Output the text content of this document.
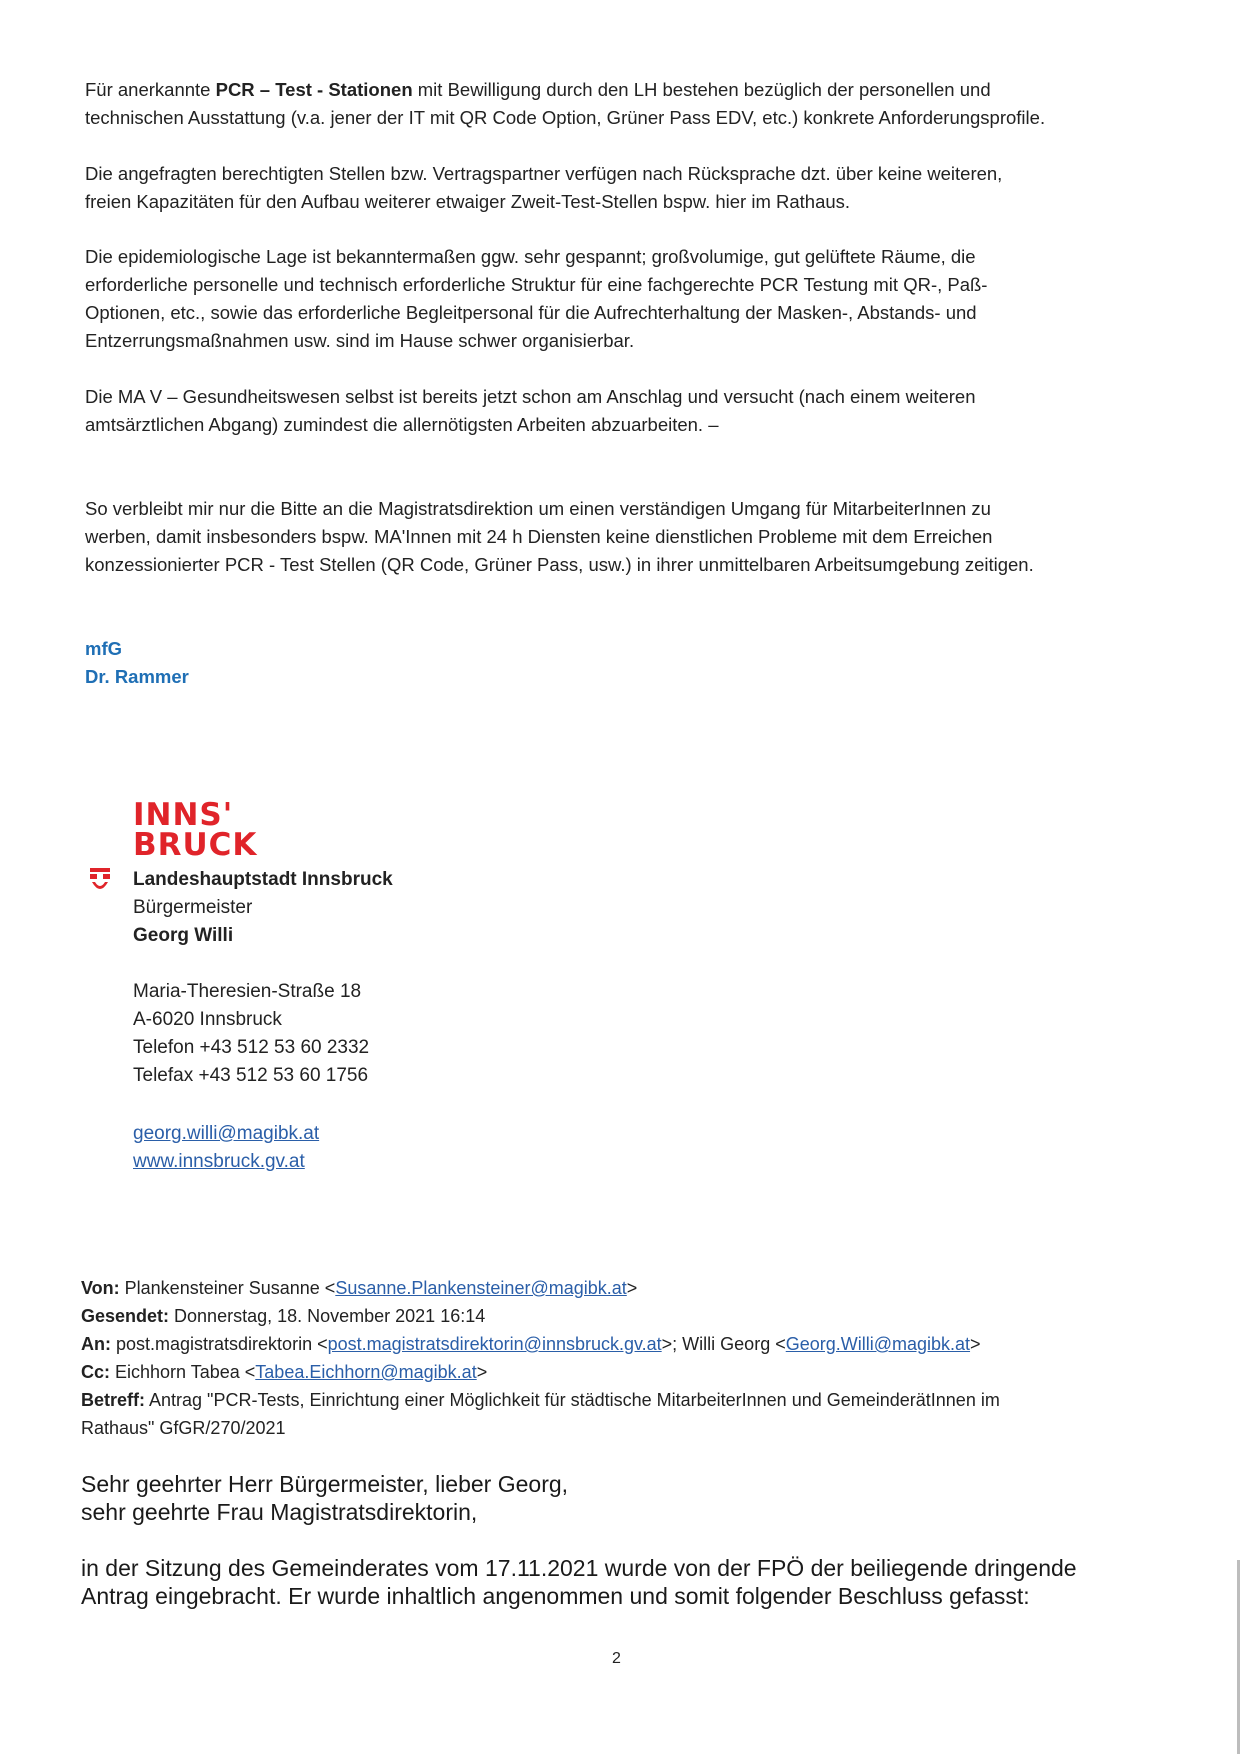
Für anerkannte PCR – Test - Stationen mit Bewilligung durch den LH bestehen bezüglich der personellen und

technischen Ausstattung (v.a. jener der IT mit QR Code Option, Grüner Pass EDV, etc.) konkrete Anforderungsprofile.

Die angefragten berechtigten Stellen bzw. Vertragspartner verfügen nach Rücksprache dzt. über keine weiteren,

freien Kapazitäten für den Aufbau weiterer etwaiger Zweit-Test-Stellen bspw. hier im Rathaus.

Die epidemiologische Lage ist bekanntermaßen ggw. sehr gespannt; großvolumige, gut gelüftete Räume, die

erforderliche personelle und technisch erforderliche Struktur für eine fachgerechte PCR Testung mit QR-, Paß-

Optionen, etc., sowie das erforderliche Begleitpersonal für die Aufrechterhaltung der Masken-, Abstands- und

Entzerrungsmaßnahmen usw. sind im Hause schwer organisierbar.

Die MA V – Gesundheitswesen selbst ist bereits jetzt schon am Anschlag und versucht (nach einem weiteren

amtsärztlichen Abgang) zumindest die allernötigsten Arbeiten abzuarbeiten. –

So verbleibt mir nur die Bitte an die Magistratsdirektion um einen verständigen Umgang für MitarbeiterInnen zu

werben, damit insbesonders bspw. MA'Innen mit 24 h Diensten keine dienstlichen Probleme mit dem Erreichen

konzessionierter PCR - Test Stellen (QR Code, Grüner Pass, usw.) in ihrer unmittelbaren Arbeitsumgebung zeitigen.

mfG

Dr. Rammer

INNS'
BRUCK

Landeshauptstadt Innsbruck

Bürgermeister

Georg Willi

Maria-Theresien-Straße 18

A-6020 Innsbruck

Telefon +43 512 53 60 2332

Telefax +43 512 53 60 1756

georg.willi@magibk.at

www.innsbruck.gv.at

Von: Plankensteiner Susanne <Susanne.Plankensteiner@magibk.at>

Gesendet: Donnerstag, 18. November 2021 16:14

An: post.magistratsdirektorin <post.magistratsdirektorin@innsbruck.gv.at>; Willi Georg <Georg.Willi@magibk.at>

Cc: Eichhorn Tabea <Tabea.Eichhorn@magibk.at>

Betreff: Antrag "PCR-Tests, Einrichtung einer Möglichkeit für städtische MitarbeiterInnen und GemeinderätInnen im

Rathaus" GfGR/270/2021

Sehr geehrter Herr Bürgermeister, lieber Georg,

sehr geehrte Frau Magistratsdirektorin,

in der Sitzung des Gemeinderates vom 17.11.2021 wurde von der FPÖ der beiliegende dringende

Antrag eingebracht. Er wurde inhaltlich angenommen und somit folgender Beschluss gefasst:

2
